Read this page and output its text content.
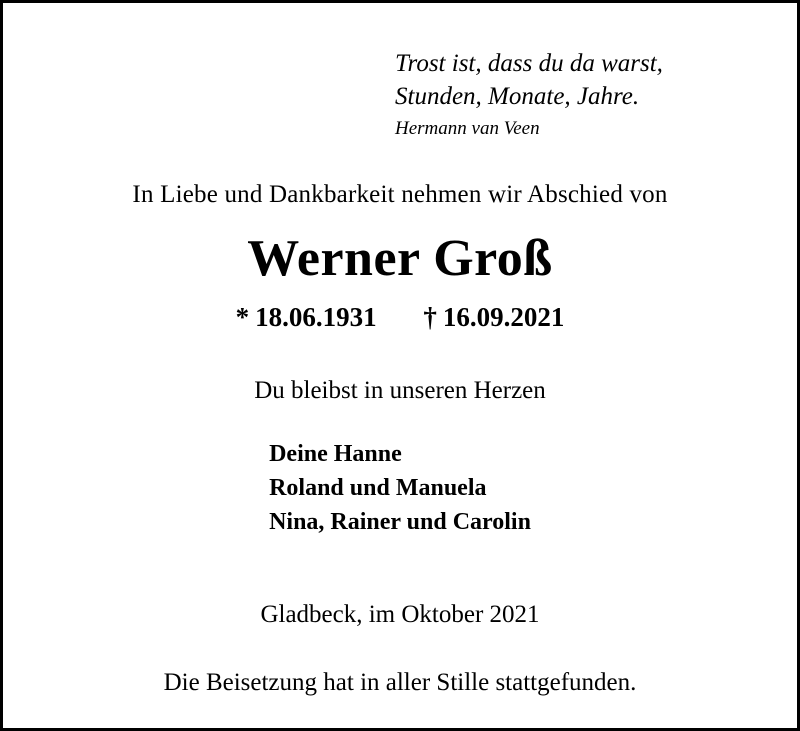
Trost ist, dass du da warst,
Stunden, Monate, Jahre.
Hermann van Veen
In Liebe und Dankbarkeit nehmen wir Abschied von
Werner Groß
* 18.06.1931 † 16.09.2021
Du bleibst in unseren Herzen
Deine Hanne
Roland und Manuela
Nina, Rainer und Carolin
Gladbeck, im Oktober 2021
Die Beisetzung hat in aller Stille stattgefunden.
